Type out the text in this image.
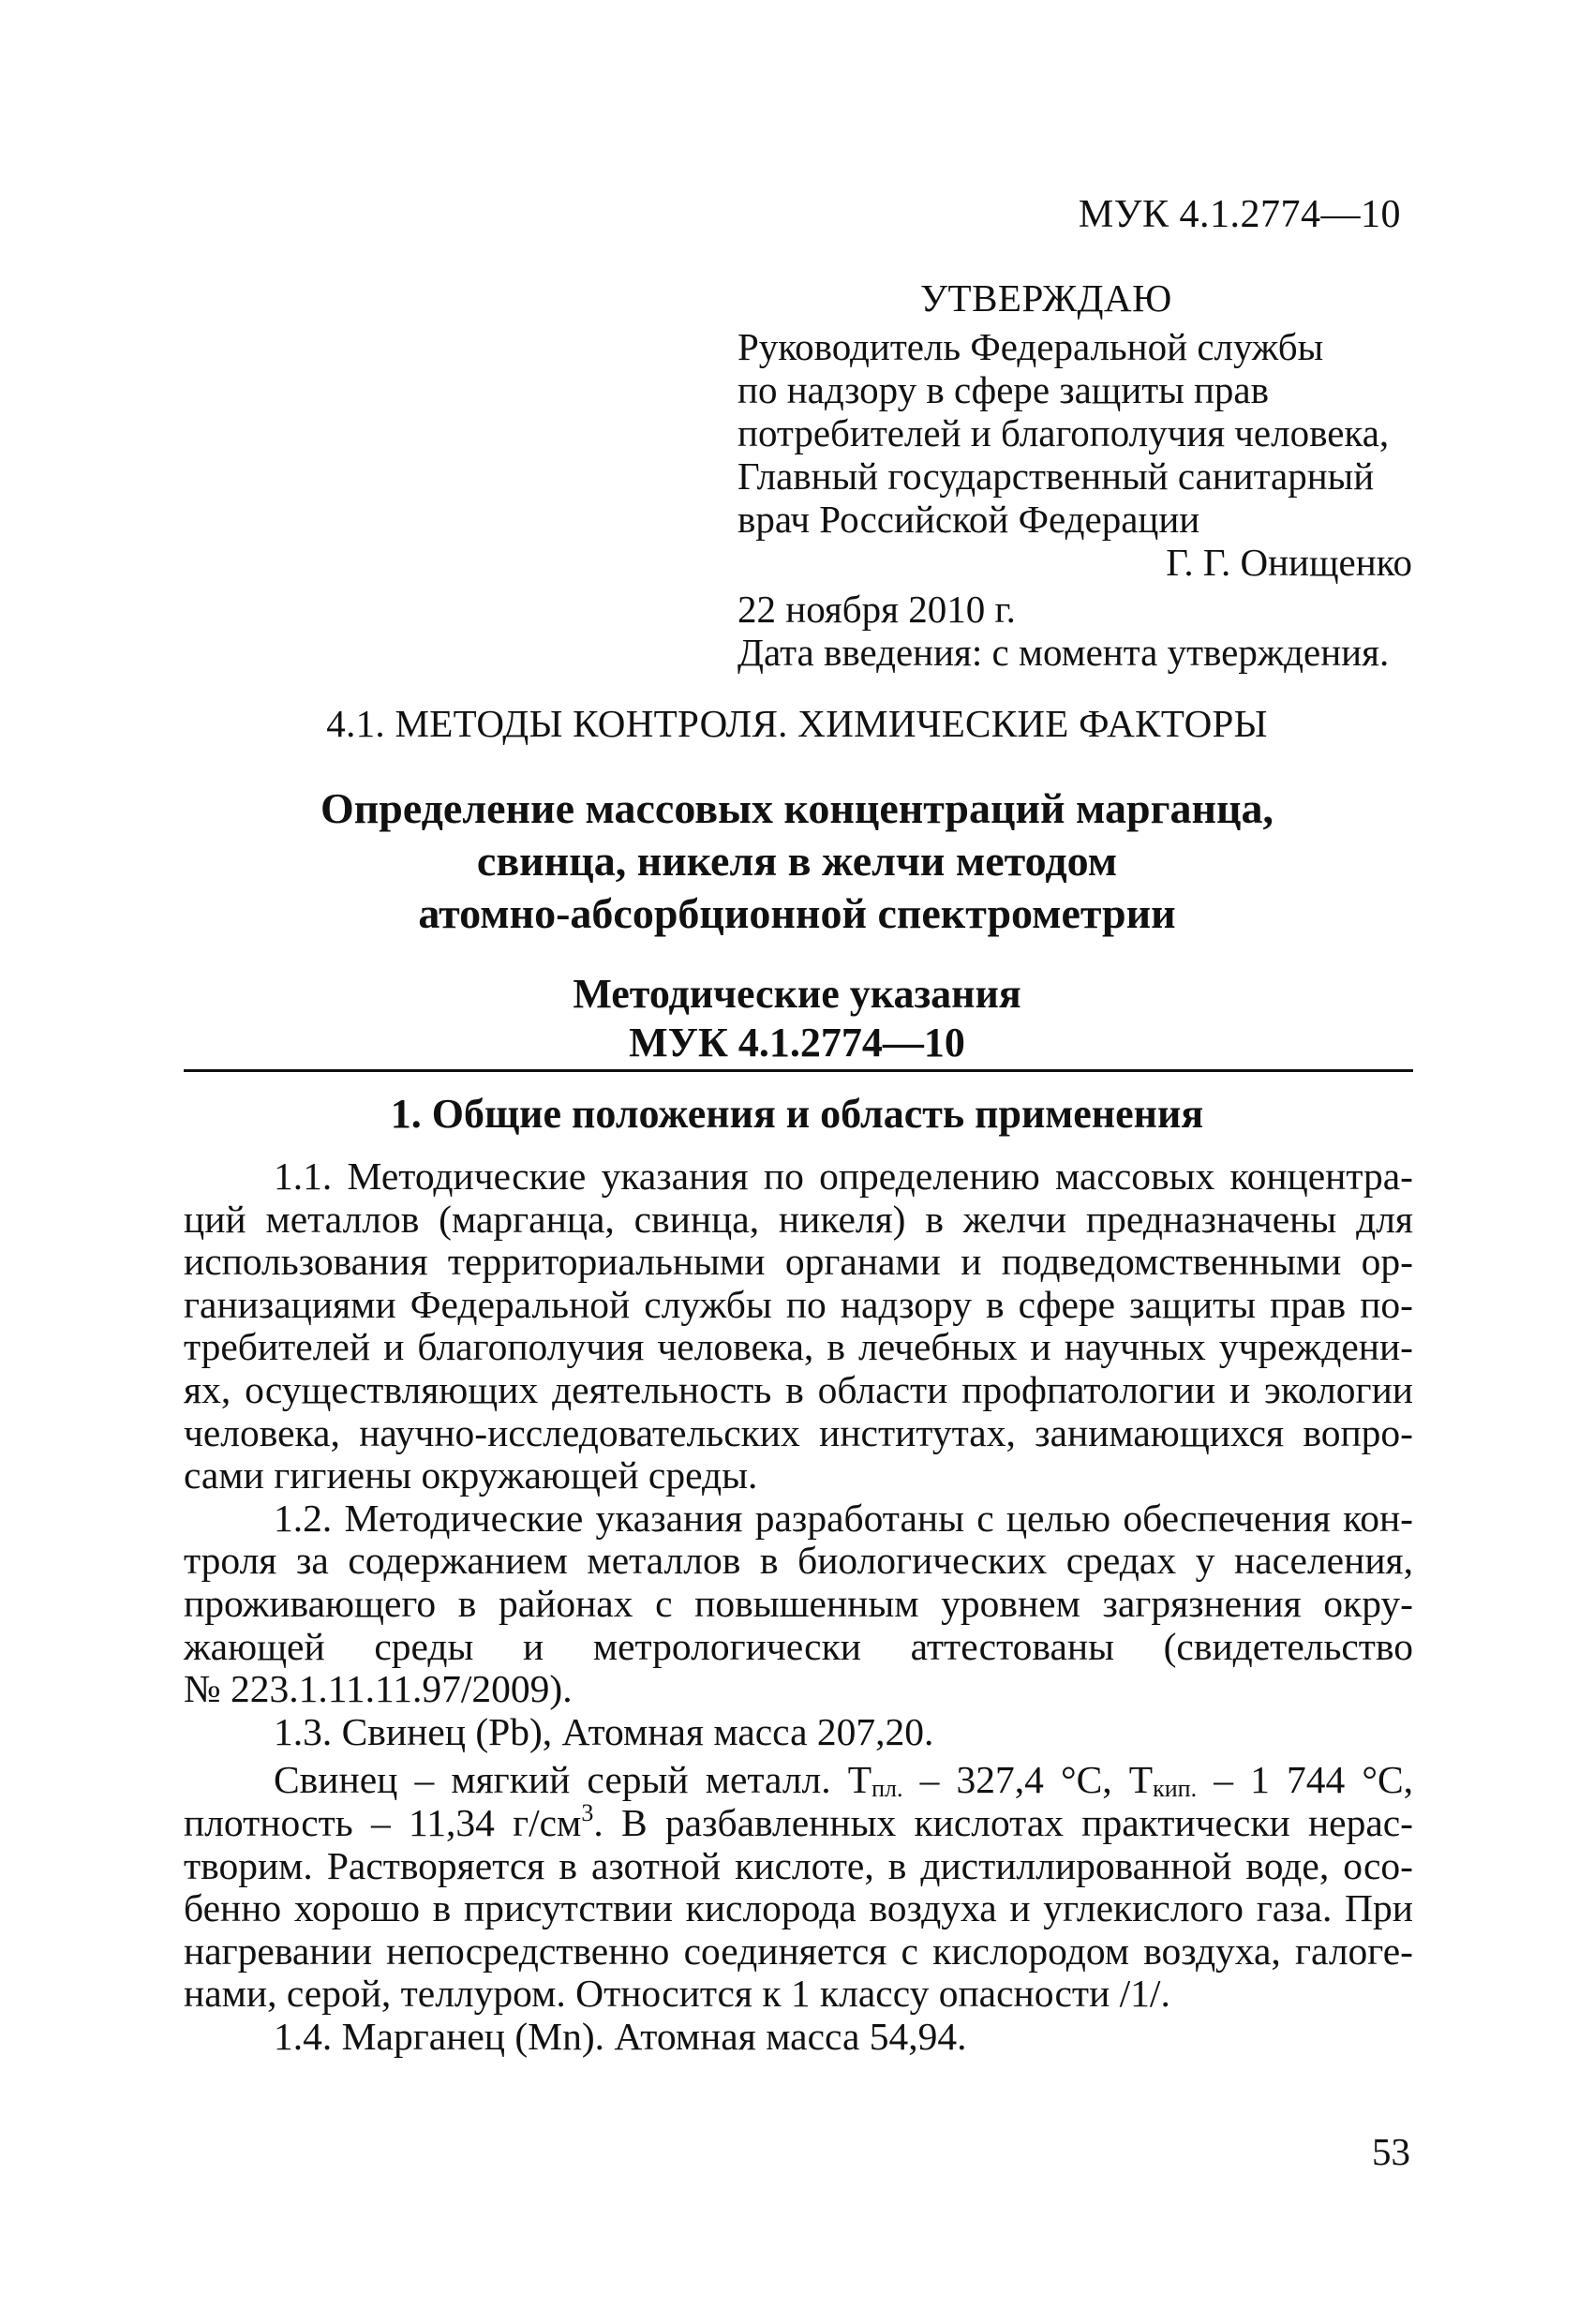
МУК 4.1.2774—10
УТВЕРЖДАЮ
Руководитель Федеральной службы
по надзору в сфере защиты прав
потребителей и благополучия человека,
Главный государственный санитарный
врач Российской Федерации
Г. Г. Онищенко
22 ноября 2010 г.
Дата введения: с момента утверждения.
4.1. МЕТОДЫ КОНТРОЛЯ. ХИМИЧЕСКИЕ ФАКТОРЫ
Определение массовых концентраций марганца,
свинца, никеля в желчи методом
атомно-абсорбционной спектрометрии
Методические указания
МУК 4.1.2774—10
1. Общие положения и область применения
1.1. Методические указания по определению массовых концентра-
ций металлов (марганца, свинца, никеля) в желчи предназначены для
использования территориальными органами и подведомственными ор-
ганизациями Федеральной службы по надзору в сфере защиты прав по-
требителей и благополучия человека, в лечебных и научных учреждени-
ях, осуществляющих деятельность в области профпатологии и экологии
человека, научно-исследовательских институтах, занимающихся вопро-
сами гигиены окружающей среды.
1.2. Методические указания разработаны с целью обеспечения кон-
троля за содержанием металлов в биологических средах у населения,
проживающего в районах с повышенным уровнем загрязнения окру-
жающей среды и метрологически аттестованы (свидетельство
№ 223.1.11.11.97/2009).
1.3. Свинец (Pb), Атомная масса 207,20.
Свинец – мягкий серый металл. $Т_{пл.} - 327,4$ °С, $Т_{кип.} - 1$ 744 °С,
плотность – 11,34 $г/см^3$. В разбавленных кислотах практически нерас-
творим. Растворяется в азотной кислоте, в дистиллированной воде, осо-
бенно хорошо в присутствии кислорода воздуха и углекислого газа. При
нагревании непосредственно соединяется с кислородом воздуха, галоге-
нами, серой, теллуром. Относится к 1 классу опасности /1/.
1.4. Марганец (Mn). Атомная масса 54,94.
53
